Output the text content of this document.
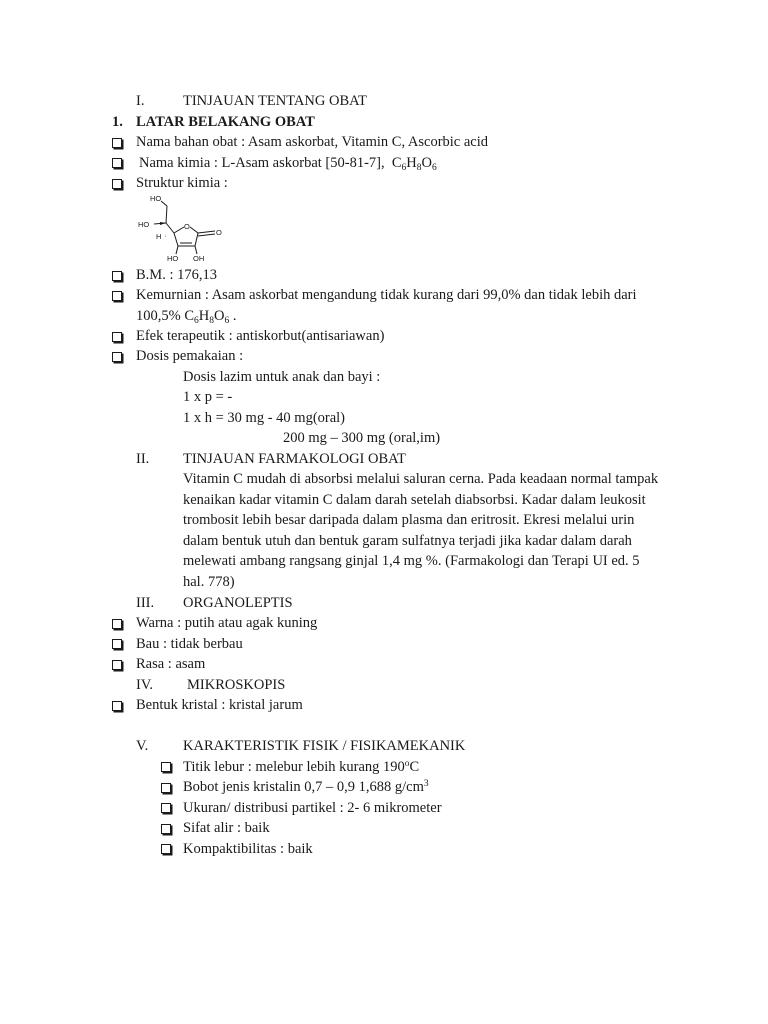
I.	TINJAUAN TENTANG OBAT
1. LATAR BELAKANG OBAT
Nama bahan obat : Asam askorbat, Vitamin C, Ascorbic acid
Nama kimia : L-Asam askorbat [50-81-7], $C_6H_8O_6$
Struktur kimia :
HO
HO
H ·
O
O
HO OH
B.M. : 176,13
Kemurnian : Asam askorbat mengandung tidak kurang dari 99,0% dan tidak lebih dari
100,5% $C_6H_8O_6$ .
Efek terapeutik : antiskorbut(antisariawan)
Dosis pemakaian :
Dosis lazim untuk anak dan bayi :
1 x p = -
1 x h = 30 mg - 40 mg(oral)
200 mg – 300 mg (oral,im)
II. TINJAUAN FARMAKOLOGI OBAT
Vitamin C mudah di absorbsi melalui saluran cerna. Pada keadaan normal tampak
kenaikan kadar vitamin C dalam darah setelah diabsorbsi. Kadar dalam leukosit
trombosit lebih besar daripada dalam plasma dan eritrosit. Ekresi melalui urin
dalam bentuk utuh dan bentuk garam sulfatnya terjadi jika kadar dalam darah
melewati ambang rangsang ginjal 1,4 mg %. (Farmakologi dan Terapi UI ed. 5
hal. 778)
III. ORGANOLEPTIS
Warna : putih atau agak kuning
Bau : tidak berbau
Rasa : asam
IV. MIKROSKOPIS
Bentuk kristal : kristal jarum
V. KARAKTERISTIK FISIK / FISIKAMEKANIK
Titik lebur : melebur lebih kurang 190$^o$C
Bobot jenis kristalin 0,7 – 0,9 1,688 $g/cm^3$
Ukuran/ distribusi partikel : 2- 6 mikrometer
Sifat alir : baik
Kompaktibilitas : baik
